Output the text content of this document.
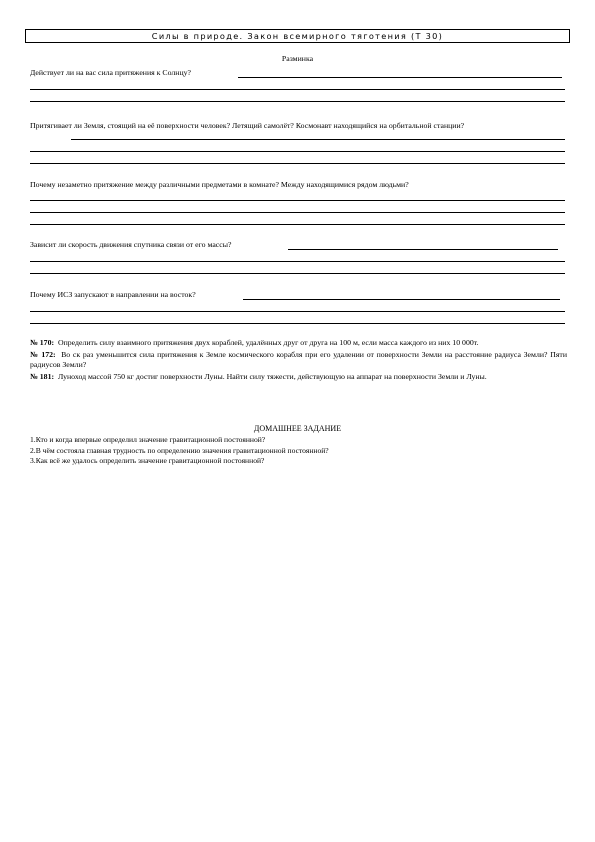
Силы в природе. Закон всемирного тяготения (Т 30)
Разминка
Действует ли на вас сила притяжения к Солнцу?
Притягивает ли Земля, стоящий на её поверхности человек? Летящий самолёт? Космонавт находящийся на орбитальной станции?
Почему незаметно притяжение между различными предметами в комнате? Между находящимися рядом людьми?
Зависит ли скорость движения спутника связи от его массы?
Почему ИСЗ запускают в направлении на восток?
№ 170: Определить силу взаимного притяжения двух кораблей, удалённых друг от друга на 100 м, если масса каждого из них 10 000т.
№ 172: Во ск раз уменьшится сила притяжения к Земле космического корабля при его удалении от поверхности Земли на расстояние радиуса Земли? Пяти радиусов Земли?
№ 181: Луноход массой 750 кг достиг поверхности Луны. Найти силу тяжести, действующую на аппарат на поверхности Земли и Луны.
ДОМАШНЕЕ ЗАДАНИЕ
1.Кто и когда впервые определил значение гравитационной постоянной?
2.В чём состояла главная трудность по определению значения гравитационной постоянной?
3.Как всё же удалось определить значение гравитационной постоянной?
